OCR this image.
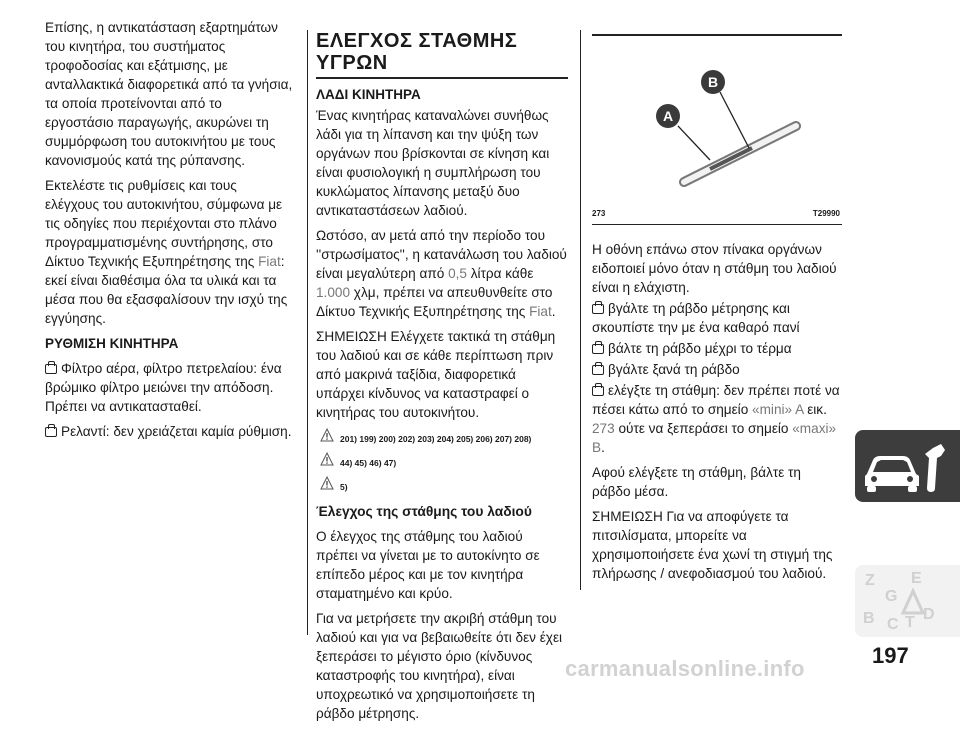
Επίσης, η αντικατάσταση εξαρτημάτων του κινητήρα, του συστήματος τροφοδοσίας και εξάτμισης, με ανταλλακτικά διαφορετικά από τα γνήσια, τα οποία προτείνονται από το εργοστάσιο παραγωγής, ακυρώνει τη συμμόρφωση του αυτοκινήτου με τους κανονισμούς κατά της ρύπανσης.

Εκτελέστε τις ρυθμίσεις και τους ελέγχους του αυτοκινήτου, σύμφωνα με τις οδηγίες που περιέχονται στο πλάνο προγραμματισμένης συντήρησης, στο Δίκτυο Τεχνικής Εξυπηρέτησης της Fiat: εκεί είναι διαθέσιμα όλα τα υλικά και τα μέσα που θα εξασφαλίσουν την ισχύ της εγγύησης.

ΡΥΘΜΙΣΗ ΚΙΝΗΤΗΡΑ

Φίλτρο αέρα, φίλτρο πετρελαίου: ένα βρώμικο φίλτρο μειώνει την απόδοση. Πρέπει να αντικατασταθεί.

Ρελαντί: δεν χρειάζεται καμία ρύθμιση.

ΕΛΕΓΧΟΣ ΣΤΑΘΜΗΣ ΥΓΡΩΝ
ΛΑΔΙ ΚΙΝΗΤΗΡΑ

Ένας κινητήρας καταναλώνει συνήθως λάδι για τη λίπανση και την ψύξη των οργάνων που βρίσκονται σε κίνηση και είναι φυσιολογική η συμπλήρωση του κυκλώματος λίπανσης μεταξύ δυο αντικαταστάσεων λαδιού.

Ωστόσο, αν μετά από την περίοδο του ''στρωσίματος'', η κατανάλωση του λαδιού είναι μεγαλύτερη από 0,5 λίτρα κάθε 1.000 χλμ, πρέπει να απευθυνθείτε στο Δίκτυο Τεχνικής Εξυπηρέτησης της Fiat.

ΣΗΜΕΙΩΣΗ Ελέγχετε τακτικά τη στάθμη του λαδιού και σε κάθε περίπτωση πριν από μακρινά ταξίδια, διαφορετικά υπάρχει κίνδυνος να καταστραφεί ο κινητήρας του αυτοκινήτου.

201) 199) 200) 202) 203) 204) 205) 206) 207) 208)
44) 45) 46) 47)
5)
Έλεγχος της στάθμης του λαδιού

Ο έλεγχος της στάθμης του λαδιού πρέπει να γίνεται με το αυτοκίνητο σε επίπεδο μέρος και με τον κινητήρα σταματημένο και κρύο.

Για να μετρήσετε την ακριβή στάθμη του λαδιού και για να βεβαιωθείτε ότι δεν έχει ξεπεράσει το μέγιστο όριο (κίνδυνος καταστροφής του κινητήρα), είναι υποχρεωτικό να χρησιμοποιήσετε τη ράβδο μέτρησης.

A
B
273	T29990

Η οθόνη επάνω στον πίνακα οργάνων ειδοποιεί μόνο όταν η στάθμη του λαδιού είναι η ελάχιστη.

βγάλτε τη ράβδο μέτρησης και σκουπίστε την με ένα καθαρό πανί

βάλτε τη ράβδο μέχρι το τέρμα

βγάλτε ξανά τη ράβδο

ελέγξτε τη στάθμη: δεν πρέπει ποτέ να πέσει κάτω από το σημείο «mini» A εικ. 273 ούτε να ξεπεράσει το σημείο «maxi» B.

Αφού ελέγξετε τη στάθμη, βάλτε τη ράβδο μέσα.

ΣΗΜΕΙΩΣΗ Για να αποφύγετε τα πιτσιλίσματα, μπορείτε να χρησιμοποιήσετε ένα χωνί τη στιγμή της πλήρωσης / ανεφοδιασμού του λαδιού.	Z E
G
B C T D
197
carmanualsonline.info
